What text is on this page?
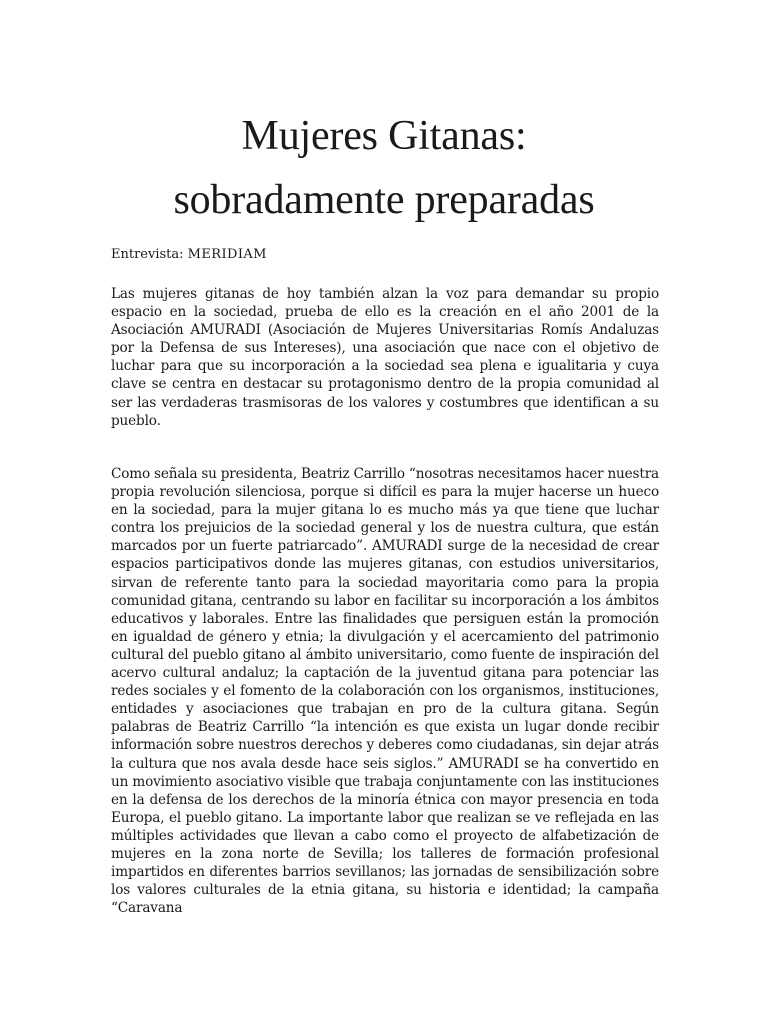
Mujeres Gitanas:
sobradamente preparadas

Entrevista: MERIDIAM

Las mujeres gitanas de hoy también alzan la voz para demandar su propio espacio en la sociedad, prueba de ello es la creación en el año 2001 de la Asociación AMURADI (Asociación de Mujeres Universitarias Romís Andaluzas por la Defensa de sus Intereses), una asociación que nace con el objetivo de luchar para que su incorporación a la sociedad sea plena e igualitaria y cuya clave se centra en destacar su protagonismo dentro de la propia comunidad al ser las verdaderas trasmisoras de los valores y costumbres que identifican a su pueblo.

Como señala su presidenta, Beatriz Carrillo “nosotras necesitamos hacer nuestra propia revolución silenciosa, porque si difícil es para la mujer hacerse un hueco en la sociedad, para la mujer gitana lo es mucho más ya que tiene que luchar contra los prejuicios de la sociedad general y los de nuestra cultura, que están marcados por un fuerte patriarcado”. AMURADI surge de la necesidad de crear espacios participativos donde las mujeres gitanas, con estudios universitarios, sirvan de referente tanto para la sociedad mayoritaria como para la propia comunidad gitana, centrando su labor en facilitar su incorporación a los ámbitos educativos y laborales. Entre las finalidades que persiguen están la promoción en igualdad de género y etnia; la divulgación y el acercamiento del patrimonio cultural del pueblo gitano al ámbito universitario, como fuente de inspiración del acervo cultural andaluz; la captación de la juventud gitana para potenciar las redes sociales y el fomento de la colaboración con los organismos, instituciones, entidades y asociaciones que trabajan en pro de la cultura gitana. Según palabras de Beatriz Carrillo “la intención es que exista un lugar donde recibir información sobre nuestros derechos y deberes como ciudadanas, sin dejar atrás la cultura que nos avala desde hace seis siglos.” AMURADI se ha convertido en un movimiento asociativo visible que trabaja conjuntamente con las instituciones en la defensa de los derechos de la minoría étnica con mayor presencia en toda Europa, el pueblo gitano. La importante labor que realizan se ve reflejada en las múltiples actividades que llevan a cabo como el proyecto de alfabetización de mujeres en la zona norte de Sevilla; los talleres de formación profesional impartidos en diferentes barrios sevillanos; las jornadas de sensibilización sobre los valores culturales de la etnia gitana, su historia e identidad; la campaña “Caravana
